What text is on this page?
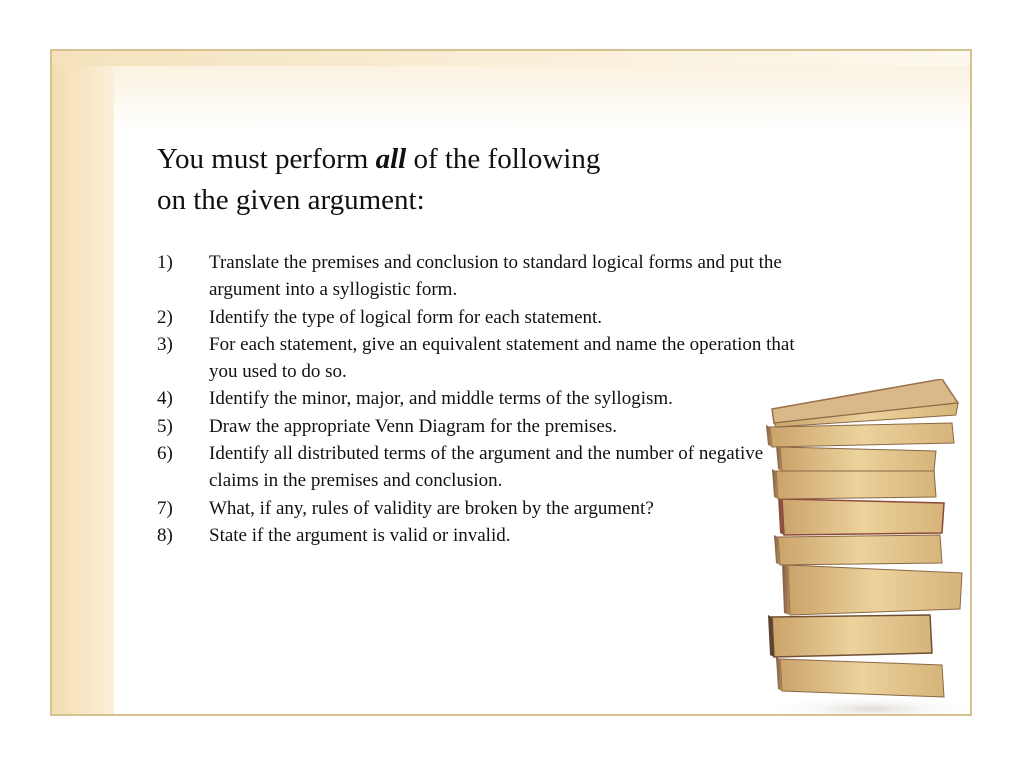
You must perform all of the following
on the given argument:
1)	Translate the premises and conclusion to standard logical forms and put the argument into a syllogistic form.
2)	Identify the type of logical form for each statement.
3)	For each statement, give an equivalent statement and name the operation that you used to do so.
4)	Identify the minor, major, and middle terms of the syllogism.
5)	Draw the appropriate Venn Diagram for the premises.
6)	Identify all distributed terms of the argument and the number of negative claims in the premises and conclusion.
7)	What, if any, rules of validity are broken by the argument?
8)	State if the argument is valid or invalid.
